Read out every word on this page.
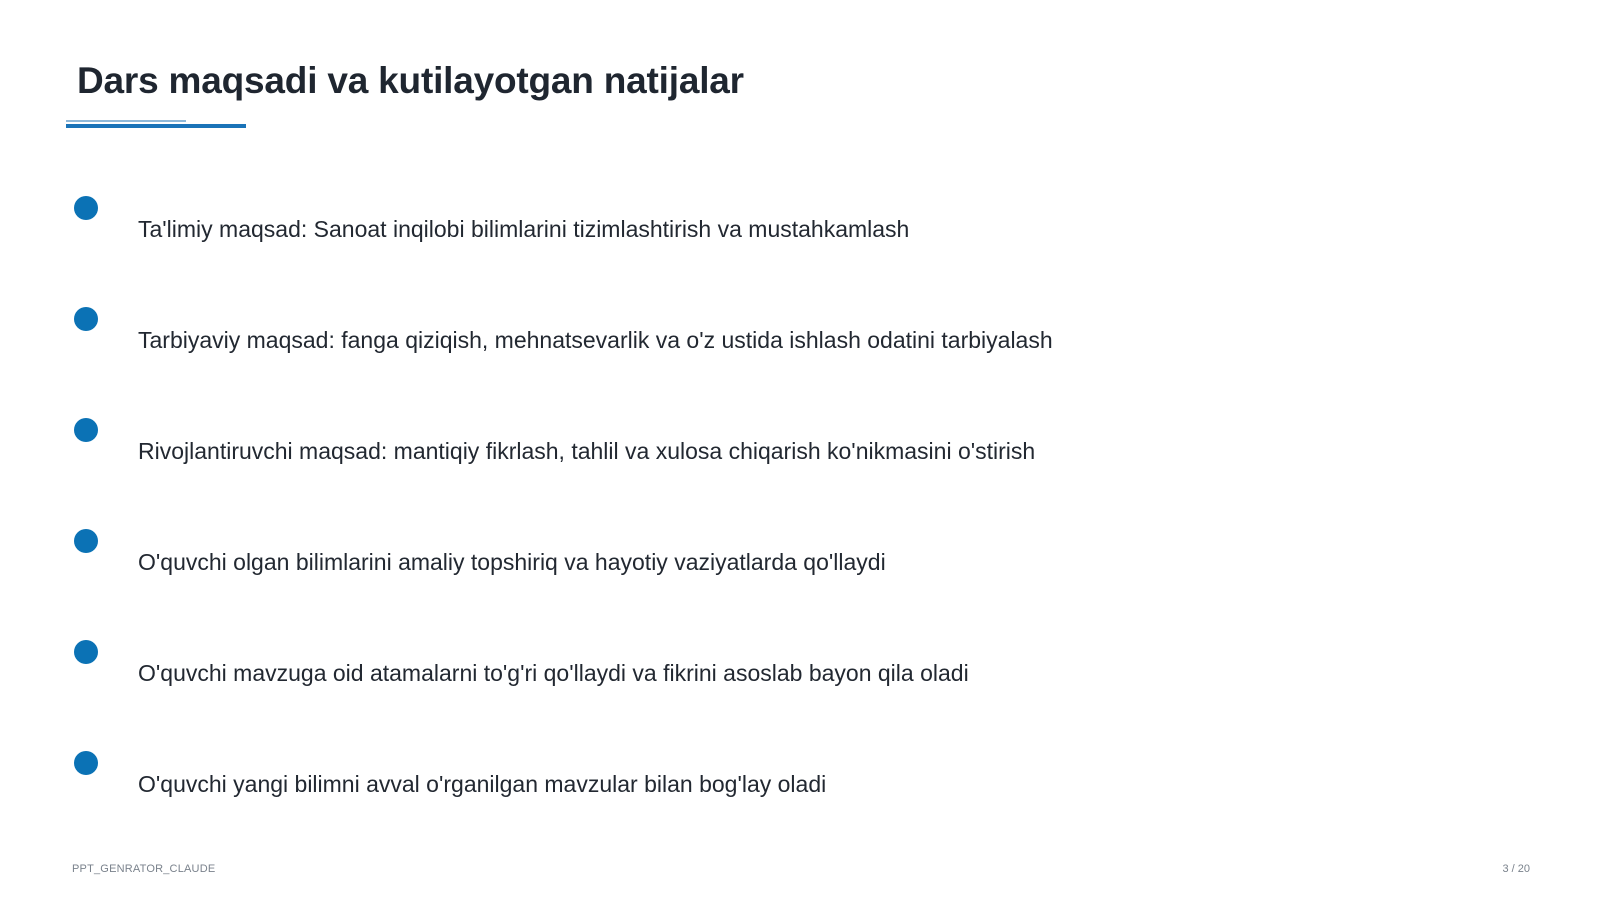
Dars maqsadi va kutilayotgan natijalar
Ta'limiy maqsad: Sanoat inqilobi bilimlarini tizimlashtirish va mustahkamlash
Tarbiyaviy maqsad: fanga qiziqish, mehnatsevarlik va o'z ustida ishlash odatini tarbiyalash
Rivojlantiruvchi maqsad: mantiqiy fikrlash, tahlil va xulosa chiqarish ko'nikmasini o'stirish
O'quvchi olgan bilimlarini amaliy topshiriq va hayotiy vaziyatlarda qo'llaydi
O'quvchi mavzuga oid atamalarni to'g'ri qo'llaydi va fikrini asoslab bayon qila oladi
O'quvchi yangi bilimni avval o'rganilgan mavzular bilan bog'lay oladi
PPT_GENRATOR_CLAUDE	3 / 20
